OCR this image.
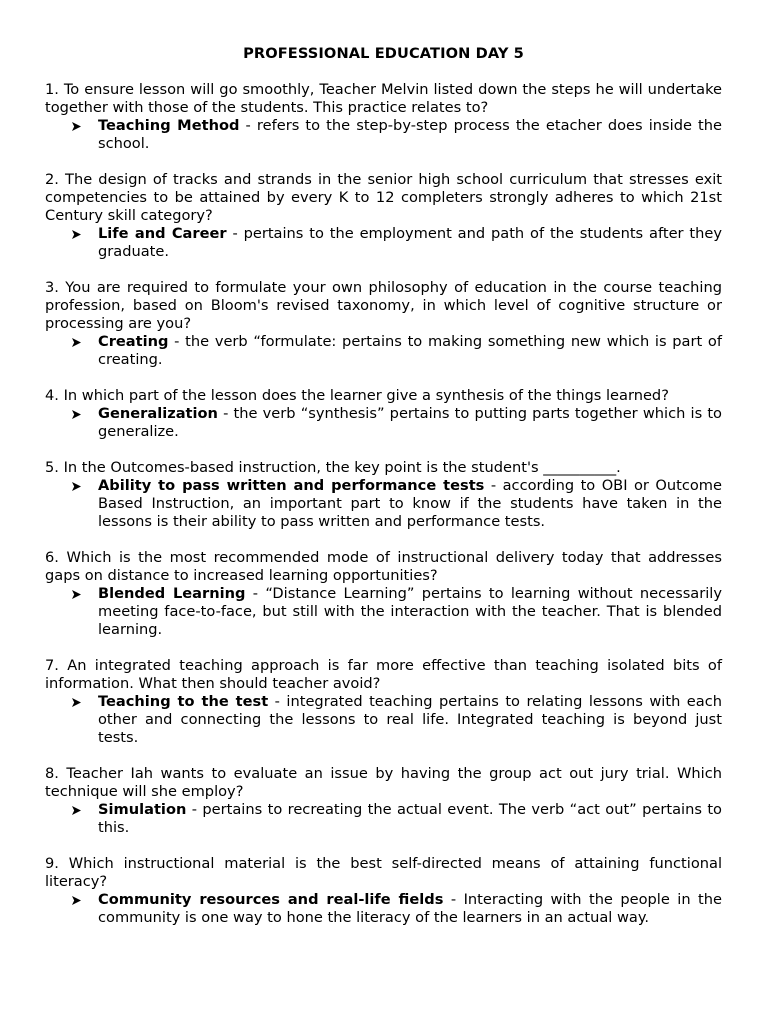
PROFESSIONAL EDUCATION DAY 5

1. To ensure lesson will go smoothly, Teacher Melvin listed down the steps he will undertake together with those of the students. This practice relates to?

Teaching Method - refers to the step-by-step process the etacher does inside the school.

2. The design of tracks and strands in the senior high school curriculum that stresses exit competencies to be attained by every K to 12 completers strongly adheres to which 21st Century skill category?

Life and Career - pertains to the employment and path of the students after they graduate.

3. You are required to formulate your own philosophy of education in the course teaching profession, based on Bloom's revised taxonomy, in which level of cognitive structure or processing are you?

Creating - the verb “formulate: pertains to making something new which is part of creating.

4. In which part of the lesson does the learner give a synthesis of the things learned?

Generalization - the verb “synthesis” pertains to putting parts together which is to generalize.

5. In the Outcomes-based instruction, the key point is the student's __________.

Ability to pass written and performance tests - according to OBI or Outcome Based Instruction, an important part to know if the students have taken in the lessons is their ability to pass written and performance tests.

6. Which is the most recommended mode of instructional delivery today that addresses gaps on distance to increased learning opportunities?

Blended Learning - “Distance Learning” pertains to learning without necessarily meeting face-to-face, but still with the interaction with the teacher. That is blended learning.

7. An integrated teaching approach is far more effective than teaching isolated bits of information. What then should teacher avoid?

Teaching to the test - integrated teaching pertains to relating lessons with each other and connecting the lessons to real life. Integrated teaching is beyond just tests.

8. Teacher Iah wants to evaluate an issue by having the group act out jury trial. Which technique will she employ?

Simulation - pertains to recreating the actual event. The verb “act out” pertains to this.

9. Which instructional material is the best self-directed means of attaining functional literacy?

Community resources and real-life fields - Interacting with the people in the community is one way to hone the literacy of the learners in an actual way.
